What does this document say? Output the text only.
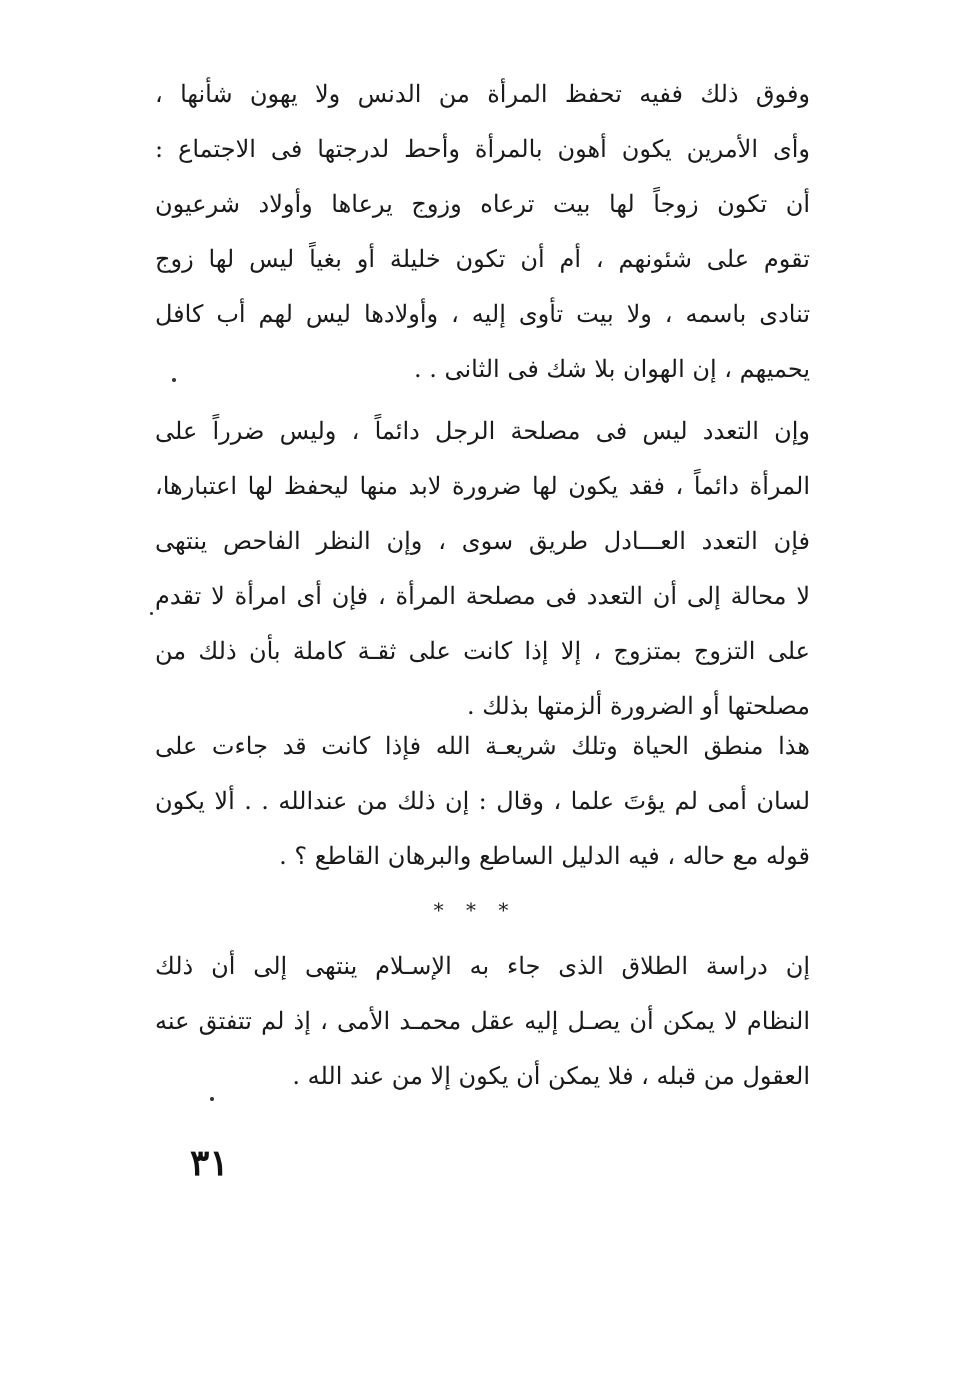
وفوق ذلك ففيه تحفظ المرأة من الدنس ولا يهون شأنها ،
وأى الأمرين يكون أهون بالمرأة وأحط لدرجتها فى الاجتماع :
أن تكون زوجاً لها بيت ترعاه وزوج يرعاها وأولاد شرعيون
تقوم على شئونهم ، أم أن تكون خليلة أو بغياً ليس لها زوج
تنادى باسمه ، ولا بيت تأوى إليه ، وأولادها ليس لهم أب كافل
يحميهم ، إن الهوان بلا شك فى الثانى . .
وإن التعدد ليس فى مصلحة الرجل دائماً ، وليس ضرراً على
المرأة دائماً ، فقد يكون لها ضرورة لابد منها ليحفظ لها اعتبارها،
فإن التعدد العـــادل طريق سوى ، وإن النظر الفاحص ينتهى
لا محالة إلى أن التعدد فى مصلحة المرأة ، فإن أى امرأة لا تقدم
على التزوج بمتزوج ، إلا إذا كانت على ثقـة كاملة بأن ذلك من
مصلحتها أو الضرورة ألزمتها بذلك .
هذا منطق الحياة وتلك شريعـة الله فإذا كانت قد جاءت على
لسان أمى لم يؤتَ علما ، وقال : إن ذلك من عندالله . . ألا يكون
قوله مع حاله ، فيه الدليل الساطع والبرهان القاطع ؟ .
* * *
إن دراسة الطلاق الذى جاء به الإسـلام ينتهى إلى أن ذلك
النظام لا يمكن أن يصـل إليه عقل محمـد الأمى ، إذ لم تتفتق عنه
العقول من قبله ، فلا يمكن أن يكون إلا من عند الله .
٣١
